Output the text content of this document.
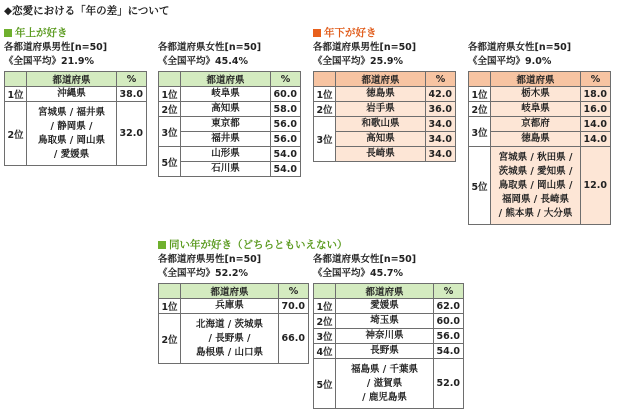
◆恋愛における「年の差」について
年上が好き	年下が好き
同い年が好き（どちらともいえない）
各都道府県男性[n=50]
《全国平均》21.9%
	都道府県	%
1位	沖縄県	38.0
2位	宮城県 / 福井県
/ 静岡県 /
鳥取県 / 岡山県
/ 愛媛県	32.0
各都道府県女性[n=50]
《全国平均》45.4%
	都道府県	%
1位	岐阜県	60.0
2位	高知県	58.0
3位	東京都	56.0

	福井県	56.0
5位	山形県	54.0

	石川県	54.0
各都道府県男性[n=50]
《全国平均》25.9%
	都道府県	%
1位	徳島県	42.0
2位	岩手県	36.0
3位	和歌山県	34.0

	高知県	34.0

	長崎県	34.0
各都道府県女性[n=50]
《全国平均》9.0%
	都道府県	%
1位	栃木県	18.0
2位	岐阜県	16.0
3位	京都府	14.0

	徳島県	14.0
5位	宮城県 / 秋田県 /
茨城県 / 愛知県 /
鳥取県 / 岡山県 /
福岡県 / 長崎県
/ 熊本県 / 大分県	12.0
各都道府県男性[n=50]
《全国平均》52.2%
	都道府県	%
1位	兵庫県	70.0
2位	北海道 / 茨城県
/ 長野県 /
島根県 / 山口県	66.0
各都道府県女性[n=50]
《全国平均》45.7%
	都道府県	%
1位	愛媛県	62.0
2位	埼玉県	60.0
3位	神奈川県	56.0
4位	長野県	54.0
5位	福島県 / 千葉県
/ 滋賀県
/ 鹿児島県	52.0
